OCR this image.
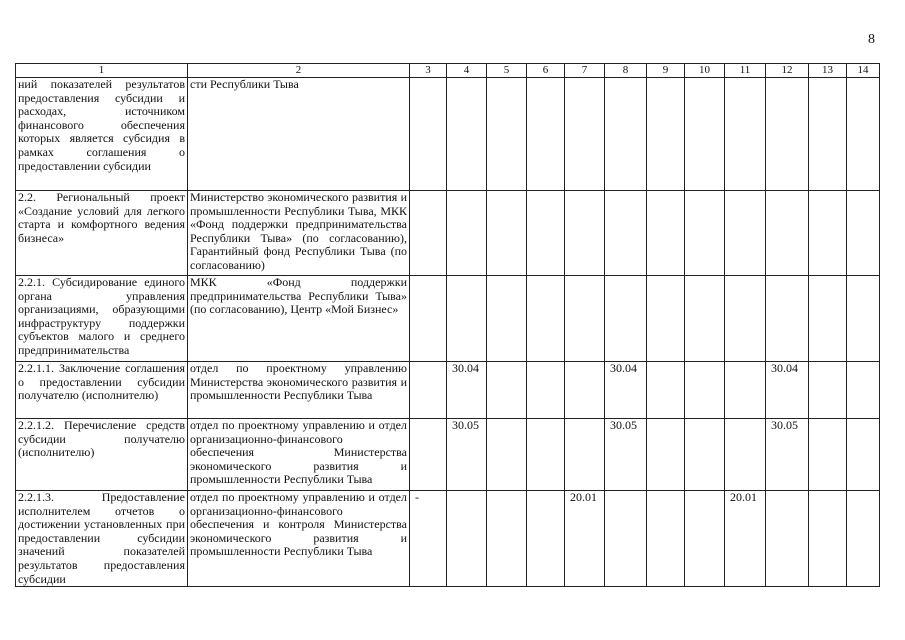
8
1	2	3	4	5	6	7	8	9	10	11	12	13	14
ний показателей результатов предоставления субсидии и расходах, источником финансового обеспечения которых является субсидия в рамках соглашения о предоставлении субсидии	сти Республики Тыва												
2.2. Региональный проект «Создание условий для легкого старта и комфортного ведения бизнеса»	Министерство экономического развития и промышленности Республики Тыва, МКК «Фонд поддержки предпринимательства Республики Тыва» (по согласованию), Гарантийный фонд Республики Тыва (по согласованию)												
2.2.1. Субсидирование единого органа управления организациями, образующими инфраструктуру поддержки субъектов малого и среднего предпринимательства	МКК «Фонд поддержки предпринимательства Республики Тыва» (по согласованию), Центр «Мой Бизнес»												
2.2.1.1. Заключение соглашения о предоставлении субсидии получателю (исполнителю)	отдел по проектному управлению Министерства экономического развития и промышленности Республики Тыва		30.04				30.04				30.04		
2.2.1.2. Перечисление средств субсидии получателю (исполнителю)	отдел по проектному управлению и отдел организационно-финансового обеспечения Министерства экономического развития и промышленности Республики Тыва		30.05				30.05				30.05		
2.2.1.3. Предоставление исполнителем отчетов о достижении установленных при предоставлении субсидии значений показателей результатов предоставления субсидии	отдел по проектному управлению и отдел организационно-финансового обеспечения и контроля Министерства экономического развития и промышленности Республики Тыва	-				20.01				20.01			
